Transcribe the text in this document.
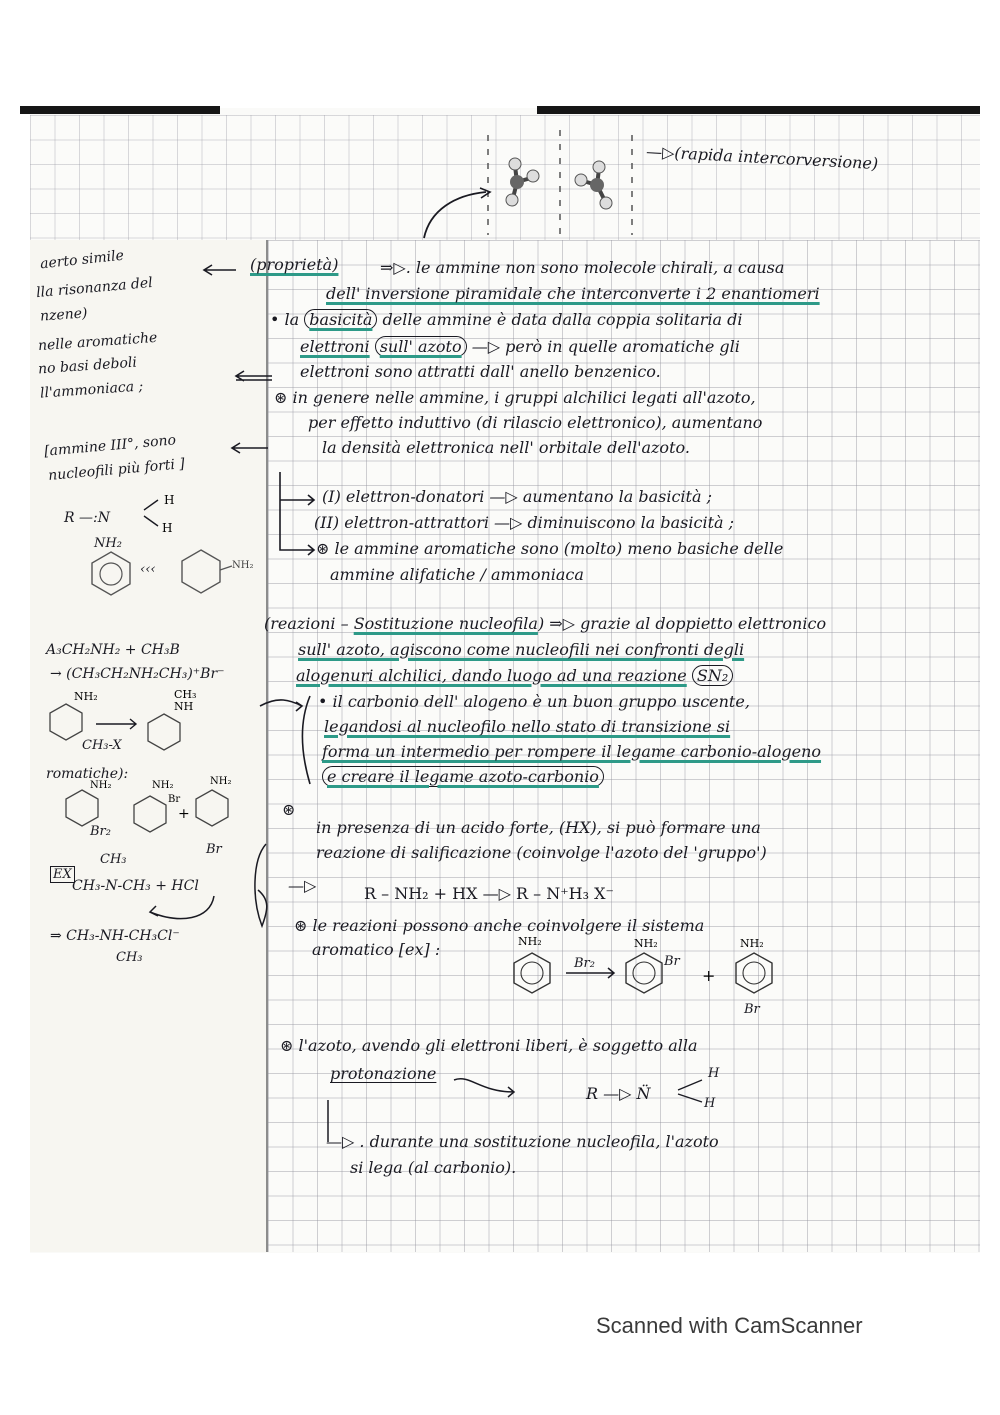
—▷(rapida intercorversione)
aerto simile
lla risonanza del
nzene)
nelle aromatiche
no basi deboli
ll'ammoniaca ;
[ammine III°, sono
nucleofili più forti ]
R —:N
H
H
NH₂
‹‹‹	NH₂
A₃CH₂NH₂ + CH₃B
→ (CH₃CH₂NH₂CH₃)⁺Br⁻
NH₂	CH₃
NH
CH₃-X
romatiche):
NH₂	NH₂
Br
+
NH₂
Br₂
Br
EX
CH₃
CH₃-N-CH₃ + HCl
⇒ CH₃-NH-CH₃Cl⁻
CH₃
(proprietà)	⇒▷. le ammine non sono molecole chirali, a causa
dell' inversione piramidale che interconverte i 2 enantiomeri
• la basicità delle ammine è data dalla coppia solitaria di
elettroni sull' azoto —▷ però in quelle aromatiche gli
elettroni sono attratti dall' anello benzenico.
⊛ in genere nelle ammine, i gruppi alchilici legati all'azoto,
per effetto induttivo (di rilascio elettronico), aumentano
la densità elettronica nell' orbitale dell'azoto.
(I) elettron-donatori —▷ aumentano la basicità ;
(II) elettron-attrattori —▷ diminuiscono la basicità ;
⊛ le ammine aromatiche sono (molto) meno basiche delle
ammine alifatiche / ammoniaca
(reazioni – Sostituzione nucleofila) ⇒▷ grazie al doppietto elettronico
sull' azoto, agiscono come nucleofili nei confronti degli
alogenuri alchilici, dando luogo ad una reazione SN₂
• il carbonio dell' alogeno è un buon gruppo uscente,
legandosi al nucleofilo nello stato di transizione si
forma un intermedio per rompere il legame carbonio-alogeno
e creare il legame azoto-carbonio
⊛
in presenza di un acido forte, (HX), si può formare una
reazione di salificazione (coinvolge l'azoto del 'gruppo')
—▷	R – NH₂ + HX —▷ R – N⁺H₃ X⁻
⊛ le reazioni possono anche coinvolgere il sistema
aromatico [ex] :	NH₂	NH₂
+
NH₂
Br₂	Br
Br
⊛ l'azoto, avendo gli elettroni liberi, è soggetto alla
protonazione
R —▷ N̈
H
H
—▷ . durante una sostituzione nucleofila, l'azoto
si lega (al carbonio).
Scanned with CamScanner
